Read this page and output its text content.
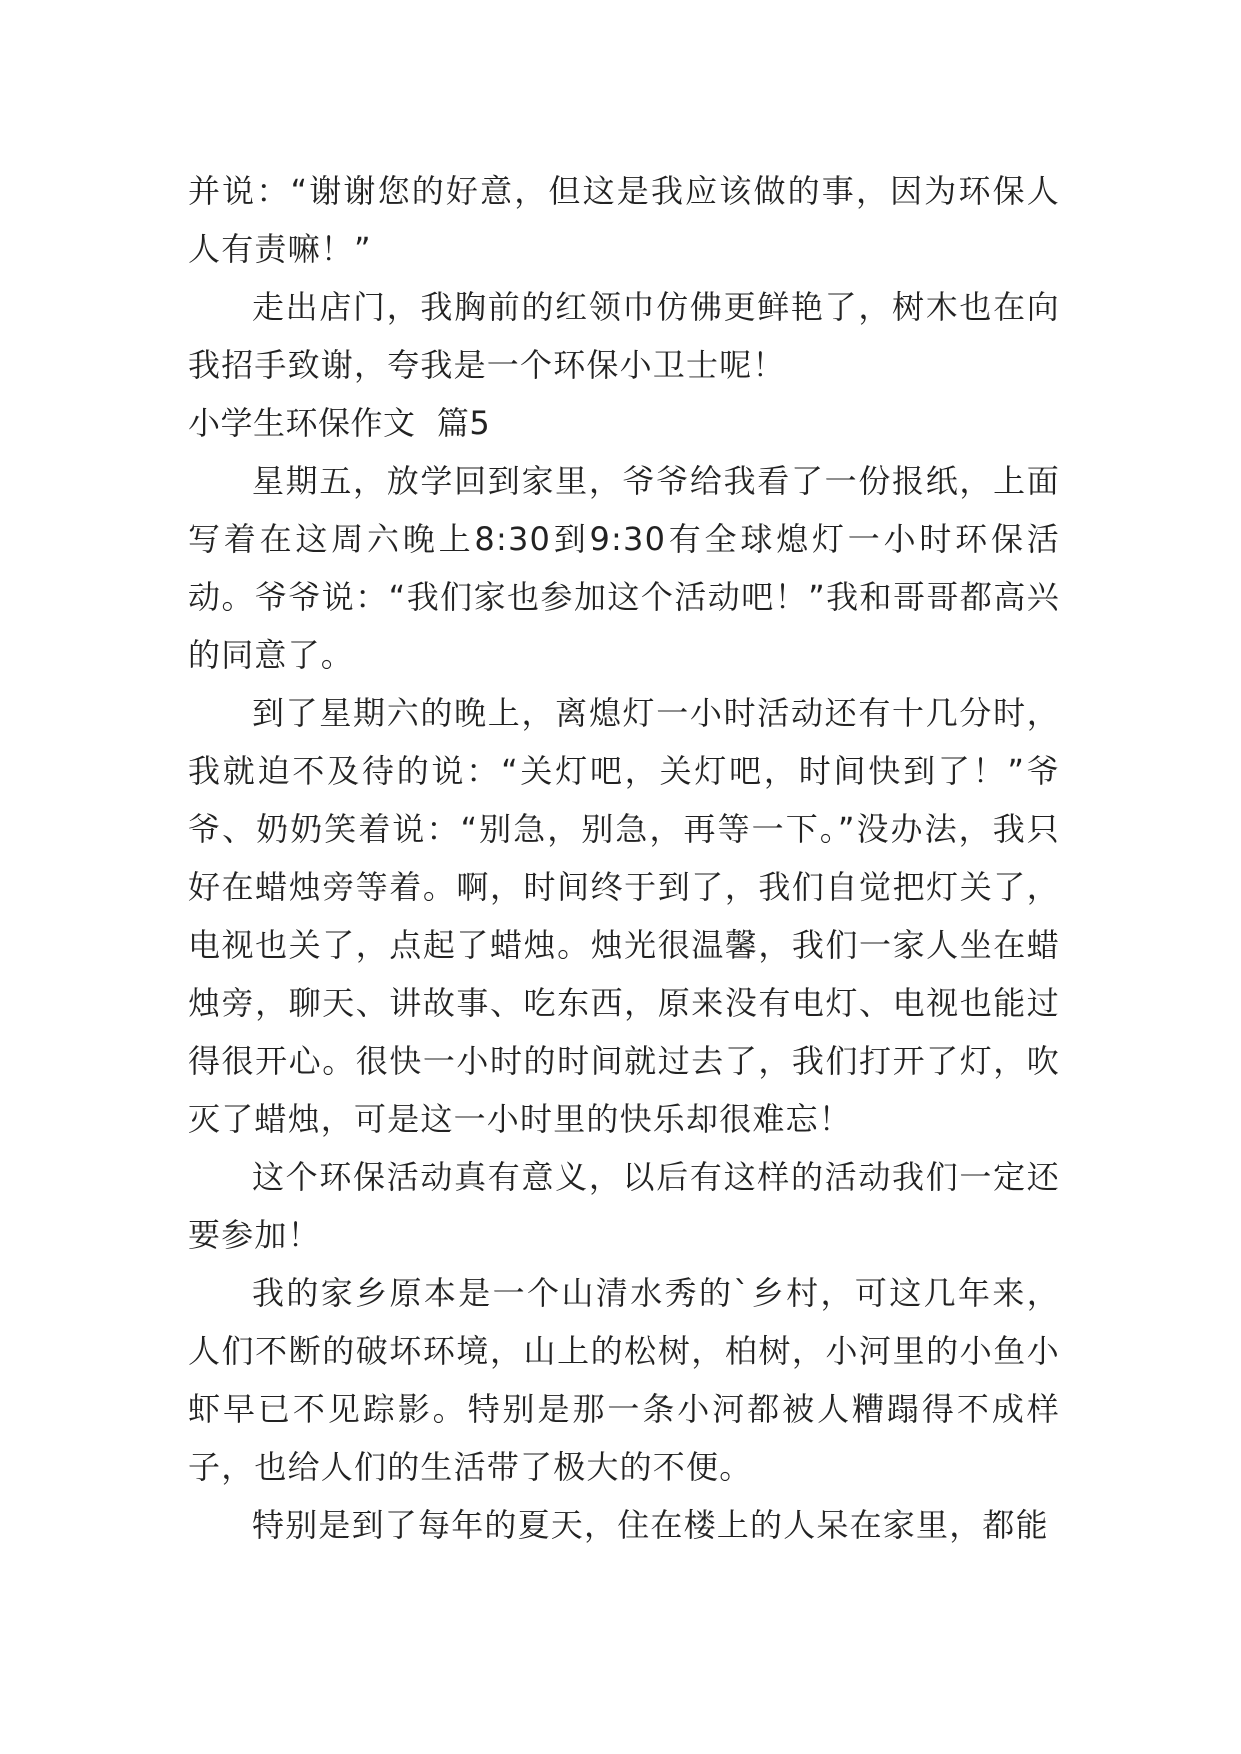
并说：“谢谢您的好意，但这是我应该做的事，因为环保人人有责嘛！”

走出店门，我胸前的红领巾仿佛更鲜艳了，树木也在向我招手致谢，夸我是一个环保小卫士呢！

小学生环保作文  篇5

星期五，放学回到家里，爷爷给我看了一份报纸，上面写着在这周六晚上8:30到9:30有全球熄灯一小时环保活动。爷爷说：“我们家也参加这个活动吧！”我和哥哥都高兴的同意了。

到了星期六的晚上，离熄灯一小时活动还有十几分时，我就迫不及待的说：“关灯吧，关灯吧，时间快到了！”爷爷、奶奶笑着说：“别急，别急，再等一下。”没办法，我只好在蜡烛旁等着。啊，时间终于到了，我们自觉把灯关了，电视也关了，点起了蜡烛。烛光很温馨，我们一家人坐在蜡烛旁，聊天、讲故事、吃东西，原来没有电灯、电视也能过得很开心。很快一小时的时间就过去了，我们打开了灯，吹灭了蜡烛，可是这一小时里的快乐却很难忘！

这个环保活动真有意义，以后有这样的活动我们一定还要参加！

我的家乡原本是一个山清水秀的`乡村，可这几年来，人们不断的破坏环境，山上的松树，柏树，小河里的小鱼小虾早已不见踪影。特别是那一条小河都被人糟蹋得不成样子，也给人们的生活带了极大的不便。

特别是到了每年的夏天，住在楼上的人呆在家里，都能
